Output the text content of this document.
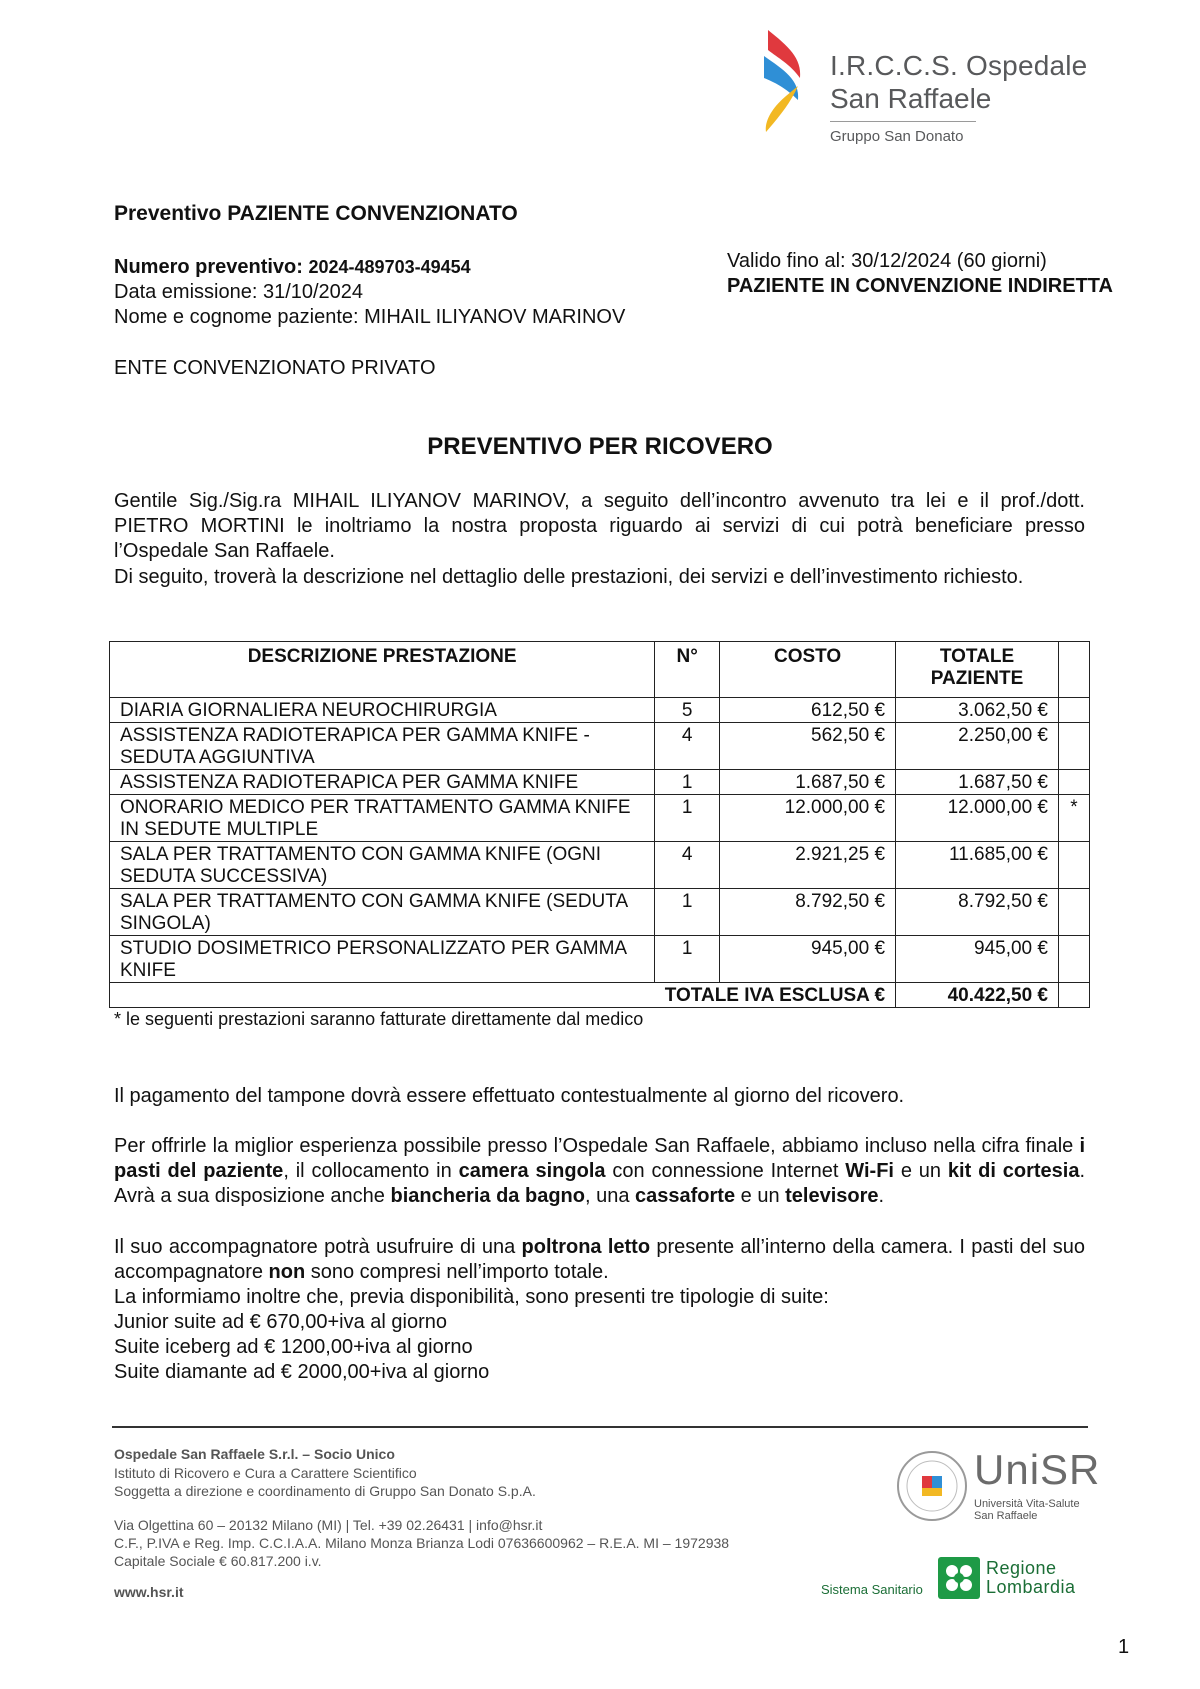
I.R.C.C.S. Ospedale
San Raffaele
Gruppo San Donato
Preventivo PAZIENTE CONVENZIONATO
Numero preventivo: 2024-489703-49454
Data emissione: 31/10/2024
Nome e cognome paziente: MIHAIL ILIYANOV MARINOV
Valido fino al: 30/12/2024 (60 giorni)
PAZIENTE IN CONVENZIONE INDIRETTA
ENTE CONVENZIONATO PRIVATO
PREVENTIVO PER RICOVERO
Gentile Sig./Sig.ra MIHAIL ILIYANOV MARINOV, a seguito dell’incontro avvenuto tra lei e il prof./dott. PIETRO MORTINI le inoltriamo la nostra proposta riguardo ai servizi di cui potrà beneficiare presso l’Ospedale San Raffaele.
Di seguito, troverà la descrizione nel dettaglio delle prestazioni, dei servizi e dell’investimento richiesto.
DESCRIZIONE PRESTAZIONE	N°	COSTO	TOTALE PAZIENTE	
DIARIA GIORNALIERA NEUROCHIRURGIA	5	612,50 €	3.062,50 €	
ASSISTENZA RADIOTERAPICA PER GAMMA KNIFE - SEDUTA AGGIUNTIVA	4	562,50 €	2.250,00 €	
ASSISTENZA RADIOTERAPICA PER GAMMA KNIFE	1	1.687,50 €	1.687,50 €	
ONORARIO MEDICO PER TRATTAMENTO GAMMA KNIFE IN SEDUTE MULTIPLE	1	12.000,00 €	12.000,00 €	*
SALA PER TRATTAMENTO CON GAMMA KNIFE (OGNI SEDUTA SUCCESSIVA)	4	2.921,25 €	11.685,00 €	
SALA PER TRATTAMENTO CON GAMMA KNIFE (SEDUTA SINGOLA)	1	8.792,50 €	8.792,50 €	
STUDIO DOSIMETRICO PERSONALIZZATO PER GAMMA KNIFE	1	945,00 €	945,00 €	
TOTALE IVA ESCLUSA €			40.422,50 €	
* le seguenti prestazioni saranno fatturate direttamente dal medico
Il pagamento del tampone dovrà essere effettuato contestualmente al giorno del ricovero.
Per offrirle la miglior esperienza possibile presso l’Ospedale San Raffaele, abbiamo incluso nella cifra finale i pasti del paziente, il collocamento in camera singola con connessione Internet Wi-Fi e un kit di cortesia. Avrà a sua disposizione anche biancheria da bagno, una cassaforte e un televisore.
Il suo accompagnatore potrà usufruire di una poltrona letto presente all’interno della camera. I pasti del suo accompagnatore non sono compresi nell’importo totale.
La informiamo inoltre che, previa disponibilità, sono presenti tre tipologie di suite:
Junior suite ad € 670,00+iva al giorno
Suite iceberg ad € 1200,00+iva al giorno
Suite diamante ad € 2000,00+iva al giorno
Ospedale San Raffaele S.r.l. – Socio Unico
Istituto di Ricovero e Cura a Carattere Scientifico
Soggetta a direzione e coordinamento di Gruppo San Donato S.p.A.
Via Olgettina 60 – 20132 Milano (MI) | Tel. +39 02.26431 | info@hsr.it
C.F., P.IVA e Reg. Imp. C.C.I.A.A. Milano Monza Brianza Lodi 07636600962 – R.E.A. MI – 1972938
Capitale Sociale € 60.817.200 i.v.
www.hsr.it
UniSR
Università Vita-Salute
San Raffaele
Sistema Sanitario
Regione
Lombardia
1
